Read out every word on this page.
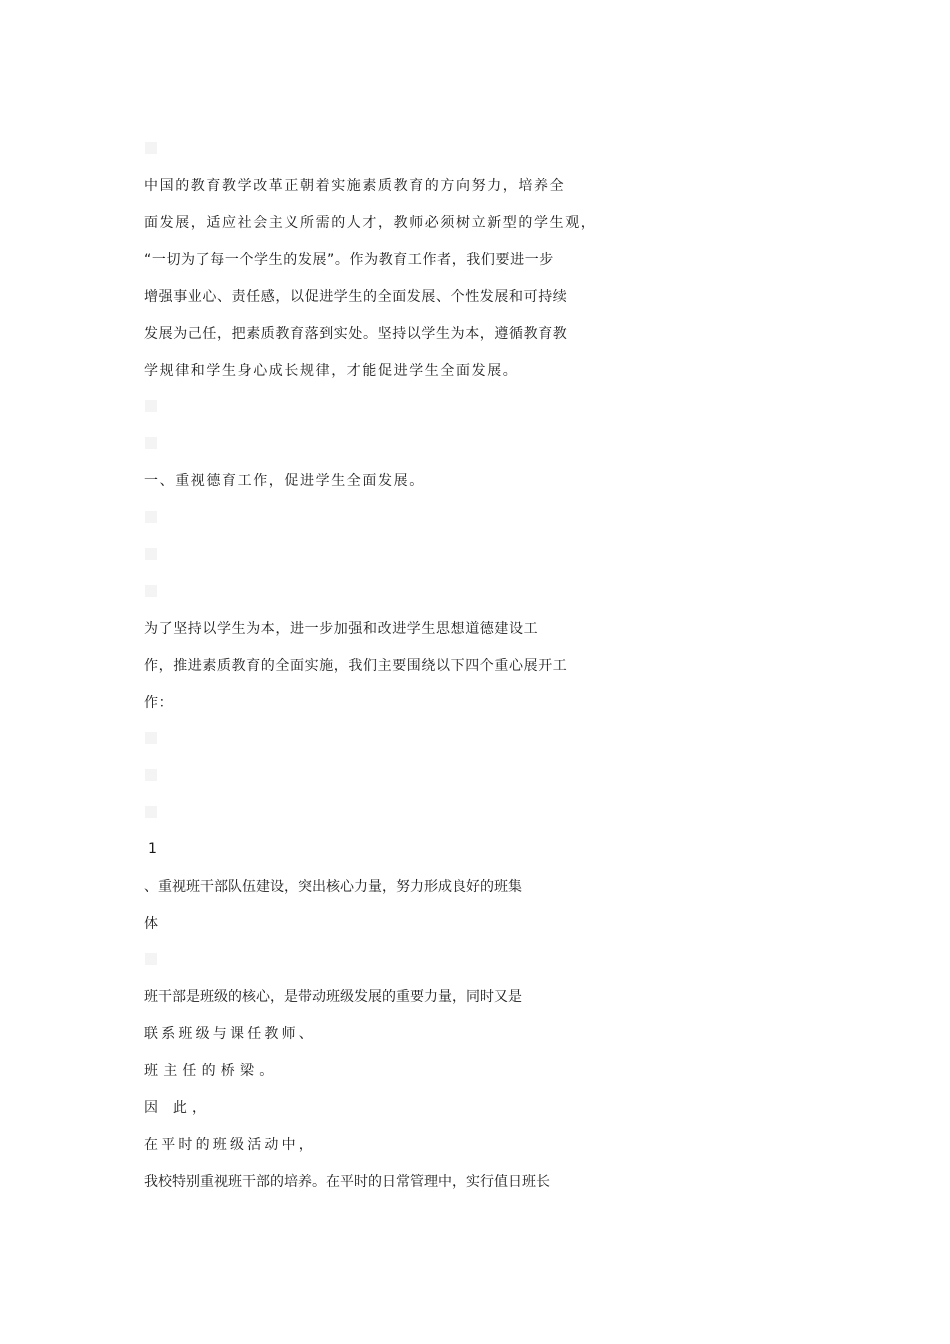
中国的教育教学改革正朝着实施素质教育的方向努力，培养全
面发展，适应社会主义所需的人才，教师必须树立新型的学生观，
“一切为了每一个学生的发展”。作为教育工作者，我们要进一步
增强事业心、责任感，以促进学生的全面发展、个性发展和可持续
发展为己任，把素质教育落到实处。坚持以学生为本，遵循教育教
学规律和学生身心成长规律，才能促进学生全面发展。
一、重视德育工作，促进学生全面发展。
为了坚持以学生为本，进一步加强和改进学生思想道德建设工
作，推进素质教育的全面实施，我们主要围绕以下四个重心展开工
作：
1
、重视班干部队伍建设，突出核心力量，努力形成良好的班集
体
班干部是班级的核心，是带动班级发展的重要力量，同时又是
联系班级与课任教师、
班主任的桥梁。
因 此，
在平时的班级活动中，
我校特别重视班干部的培养。在平时的日常管理中，实行值日班长
